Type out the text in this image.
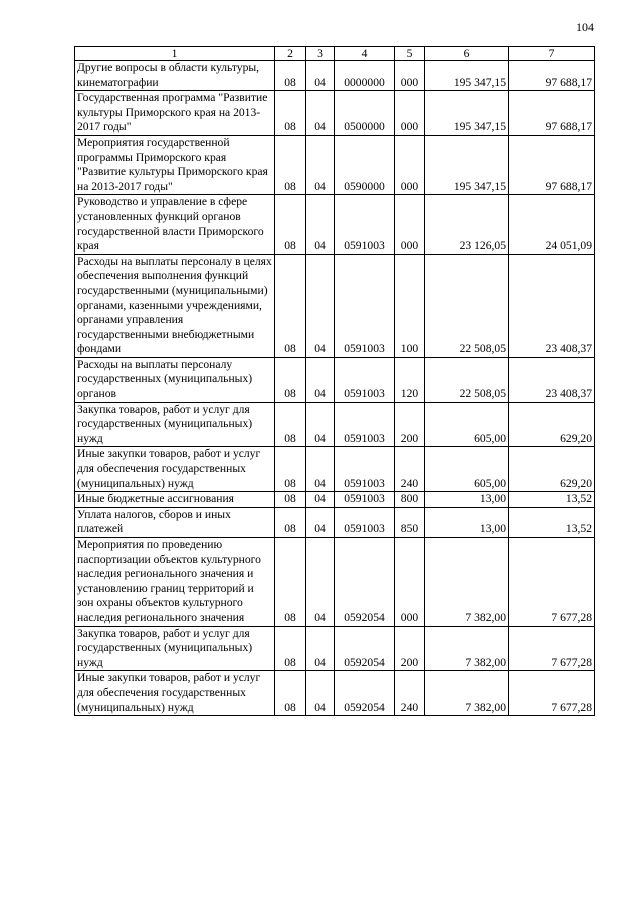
104
1	2	3	4	5	6	7
Другие вопросы в области культуры, кинематографии	08	04	0000000	000	195 347,15	97 688,17
Государственная программа "Развитие культуры Приморского края на 2013-2017 годы"	08	04	0500000	000	195 347,15	97 688,17
Мероприятия государственной программы Приморского края "Развитие культуры Приморского края на 2013-2017 годы"	08	04	0590000	000	195 347,15	97 688,17
Руководство и управление в сфере установленных функций органов государственной власти Приморского края	08	04	0591003	000	23 126,05	24 051,09
Расходы на выплаты персоналу в целях обеспечения выполнения функций государственными (муниципальными) органами, казенными учреждениями, органами управления государственными внебюджетными фондами	08	04	0591003	100	22 508,05	23 408,37
Расходы на выплаты персоналу государственных (муниципальных) органов	08	04	0591003	120	22 508,05	23 408,37
Закупка товаров, работ и услуг для государственных (муниципальных) нужд	08	04	0591003	200	605,00	629,20
Иные закупки товаров, работ и услуг для обеспечения государственных (муниципальных) нужд	08	04	0591003	240	605,00	629,20
Иные бюджетные ассигнования	08	04	0591003	800	13,00	13,52
Уплата налогов, сборов и иных платежей	08	04	0591003	850	13,00	13,52
Мероприятия по проведению паспортизации объектов культурного наследия регионального значения и установлению границ территорий и зон охраны объектов культурного наследия регионального значения	08	04	0592054	000	7 382,00	7 677,28
Закупка товаров, работ и услуг для государственных (муниципальных) нужд	08	04	0592054	200	7 382,00	7 677,28
Иные закупки товаров, работ и услуг для обеспечения государственных (муниципальных) нужд	08	04	0592054	240	7 382,00	7 677,28
